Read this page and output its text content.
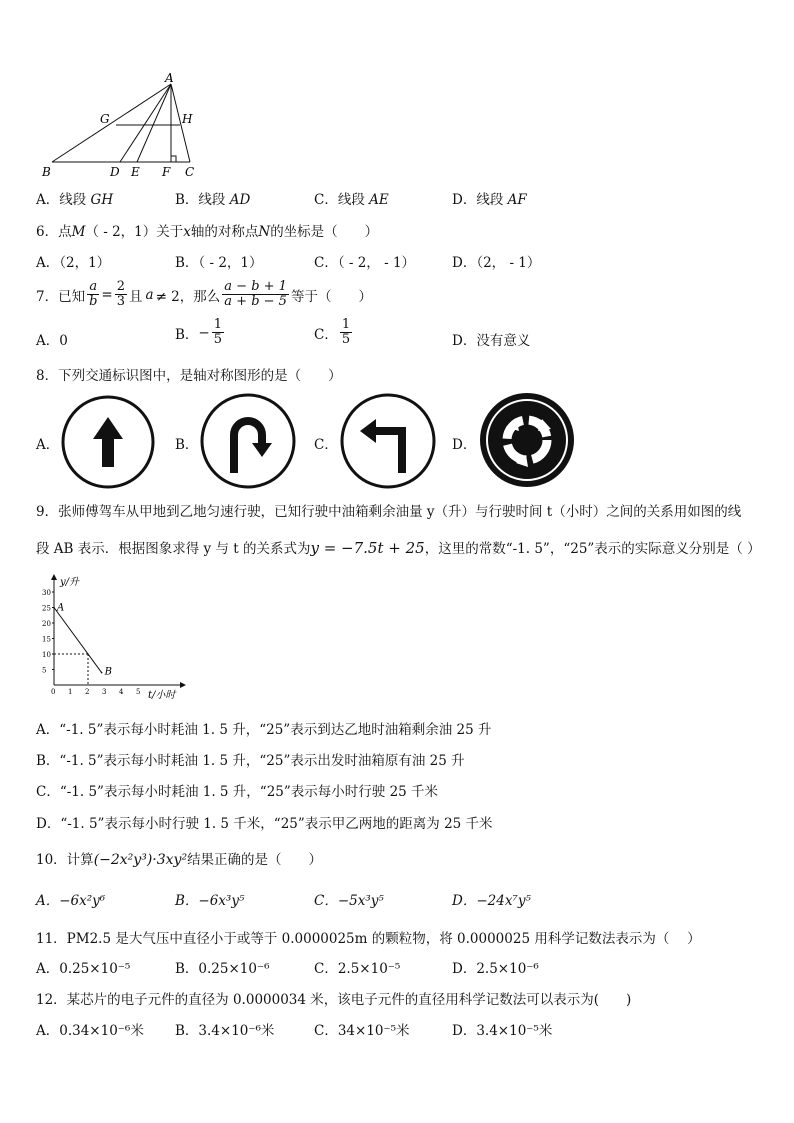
A
G	H
B	D E F C
A．线段 GH	B．线段 AD	C．线段 AE	D．线段 AF
6．点M（ - 2，1）关于x轴的对称点N的坐标是（　　）
A．（2，1）	B．（ - 2，1）	C．（ - 2， - 1）	D．（2， - 1）
7．已知 $\frac{a}{b} = \frac{2}{3}$ 且 a ≠ 2，那么 $\frac{a - b + 1}{a + b - 5}$ 等于（　　）
A．0	B． − $\frac{1}{5}$	C． $\frac{1}{5}$	D．没有意义
8．下列交通标识图中，是轴对称图形的是（　　）
A．	B．	C．	D．
9．张师傅驾车从甲地到乙地匀速行驶，已知行驶中油箱剩余油量 y（升）与行驶时间 t（小时）之间的关系用如图的线
段 AB 表示．根据图象求得 y 与 t 的关系式为y = −7.5t + 25，这里的常数“-1. 5”，“25”表示的实际意义分别是（ ）
y/升
t/小时
0 1 2 3 4 5
5
10
15
20
25
30
A
B
A．“-1. 5”表示每小时耗油 1. 5 升，“25”表示到达乙地时油箱剩余油 25 升
B．“-1. 5”表示每小时耗油 1. 5 升，“25”表示出发时油箱原有油 25 升
C．“-1. 5”表示每小时耗油 1. 5 升，“25”表示每小时行驶 25 千米
D．“-1. 5”表示每小时行驶 1. 5 千米，“25”表示甲乙两地的距离为 25 千米
10．计算(−2x²y³)·3xy²结果正确的是（　　）
A．−6x²y⁶	B．−6x³y⁵	C．−5x³y⁵	D．−24x⁷y⁵
11．PM2.5 是大气压中直径小于或等于 0.0000025m 的颗粒物，将 0.0000025 用科学记数法表示为（　 ）
A．0.25×10⁻⁵	B．0.25×10⁻⁶	C．2.5×10⁻⁵	D．2.5×10⁻⁶
12．某芯片的电子元件的直径为 0.0000034 米，该电子元件的直径用科学记数法可以表示为(　　)
A．0.34×10⁻⁶米 B．3.4×10⁻⁶米	C．34×10⁻⁵米	D．3.4×10⁻⁵米
